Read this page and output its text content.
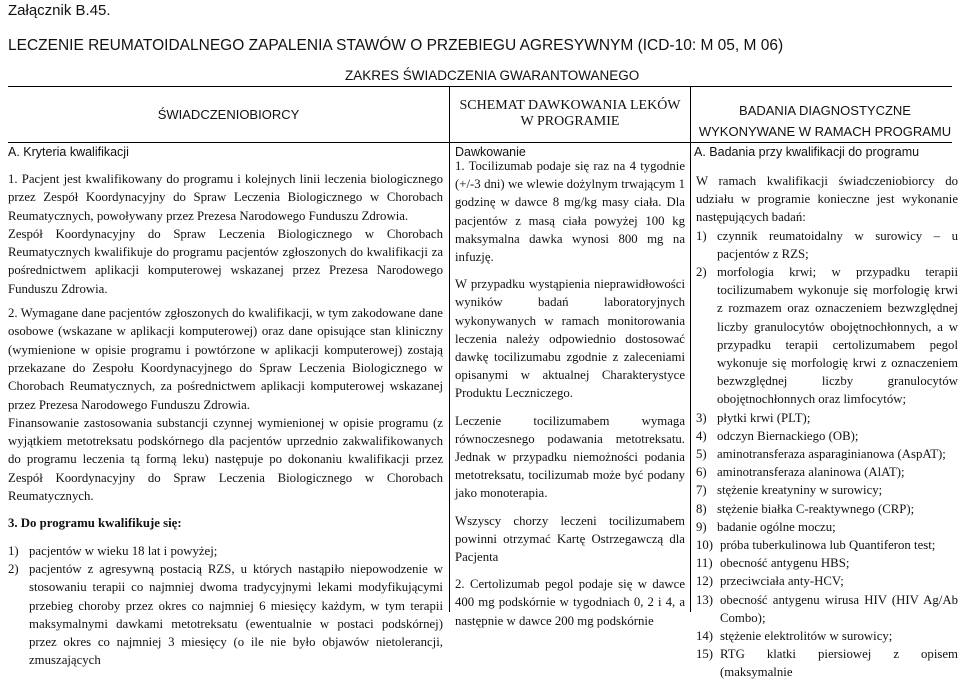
Załącznik B.45.
LECZENIE REUMATOIDALNEGO ZAPALENIA STAWÓW O PRZEBIEGU AGRESYWNYM (ICD-10: M 05, M 06)
ZAKRES ŚWIADCZENIA GWARANTOWANEGO
ŚWIADCZENIOBIORCY
SCHEMAT DAWKOWANIA LEKÓW W PROGRAMIE
BADANIA DIAGNOSTYCZNE WYKONYWANE W RAMACH PROGRAMU
A. Kryteria kwalifikacji

1. Pacjent jest kwalifikowany do programu i kolejnych linii leczenia biologicznego przez Zespół Koordynacyjny do Spraw Leczenia Biologicznego w Chorobach Reumatycznych, powoływany przez Prezesa Narodowego Funduszu Zdrowia.

Zespół Koordynacyjny do Spraw Leczenia Biologicznego w Chorobach Reumatycznych kwalifikuje do programu pacjentów zgłoszonych do kwalifikacji za pośrednictwem aplikacji komputerowej wskazanej przez Prezesa Narodowego Funduszu Zdrowia.

2. Wymagane dane pacjentów zgłoszonych do kwalifikacji, w tym zakodowane dane osobowe (wskazane w aplikacji komputerowej) oraz dane opisujące stan kliniczny (wymienione w opisie programu i powtórzone w aplikacji komputerowej) zostają przekazane do Zespołu Koordynacyjnego do Spraw Leczenia Biologicznego w Chorobach Reumatycznych, za pośrednictwem aplikacji komputerowej wskazanej przez Prezesa Narodowego Funduszu Zdrowia.

Finansowanie zastosowania substancji czynnej wymienionej w opisie programu (z wyjątkiem metotreksatu podskórnego dla pacjentów uprzednio zakwalifikowanych do programu leczenia tą formą leku) następuje po dokonaniu kwalifikacji przez Zespół Koordynacyjny do Spraw Leczenia Biologicznego w Chorobach Reumatycznych.

3. Do programu kwalifikuje się:

1) pacjentów w wieku 18 lat i powyżej;
2) pacjentów z agresywną postacią RZS, u których nastąpiło niepowodzenie w stosowaniu terapii co najmniej dwoma tradycyjnymi lekami modyfikującymi przebieg choroby przez okres co najmniej 6 miesięcy każdym, w tym terapii maksymalnymi dawkami metotreksatu (ewentualnie w postaci podskórnej) przez okres co najmniej 3 miesięcy (o ile nie było objawów nietolerancji, zmuszających
Dawkowanie

1. Tocilizumab podaje się raz na 4 tygodnie (+/-3 dni) we wlewie dożylnym trwającym 1 godzinę w dawce 8 mg/kg masy ciała. Dla pacjentów z masą ciała powyżej 100 kg maksymalna dawka wynosi 800 mg na infuzję.

W przypadku wystąpienia nieprawidłowości wyników badań laboratoryjnych wykonywanych w ramach monitorowania leczenia należy odpowiednio dostosować dawkę tocilizumabu zgodnie z zaleceniami opisanymi w aktualnej Charakterystyce Produktu Leczniczego.

Leczenie tocilizumabem wymaga równoczesnego podawania metotreksatu. Jednak w przypadku niemożności podania metotreksatu, tocilizumab może być podany jako monoterapia.

Wszyscy chorzy leczeni tocilizumabem powinni otrzymać Kartę Ostrzegawczą dla Pacjenta

2. Certolizumab pegol podaje się w dawce 400 mg podskórnie w tygodniach 0, 2 i 4, a następnie w dawce 200 mg podskórnie

A. Badania przy kwalifikacji do programu

W ramach kwalifikacji świadczeniobiorcy do udziału w programie konieczne jest wykonanie następujących badań:

1) czynnik reumatoidalny w surowicy – u pacjentów z RZS;
2) morfologia krwi; w przypadku terapii tocilizumabem wykonuje się morfologię krwi z rozmazem oraz oznaczeniem bezwzględnej liczby granulocytów obojętnochłonnych, a w przypadku terapii certolizumabem pegol wykonuje się morfologię krwi z oznaczeniem bezwzględnej liczby granulocytów obojętnochłonnych oraz limfocytów;
3) płytki krwi (PLT);
4) odczyn Biernackiego (OB);
5) aminotransferaza asparaginianowa (AspAT);
6) aminotransferaza alaninowa (AlAT);
7) stężenie kreatyniny w surowicy;
8) stężenie białka C-reaktywnego (CRP);
9) badanie ogólne moczu;
10) próba tuberkulinowa lub Quantiferon test;
11) obecność antygenu HBS;
12) przeciwciała anty-HCV;
13) obecność antygenu wirusa HIV (HIV Ag/Ab Combo);
14) stężenie elektrolitów w surowicy;
15) RTG klatki piersiowej z opisem (maksymalnie
